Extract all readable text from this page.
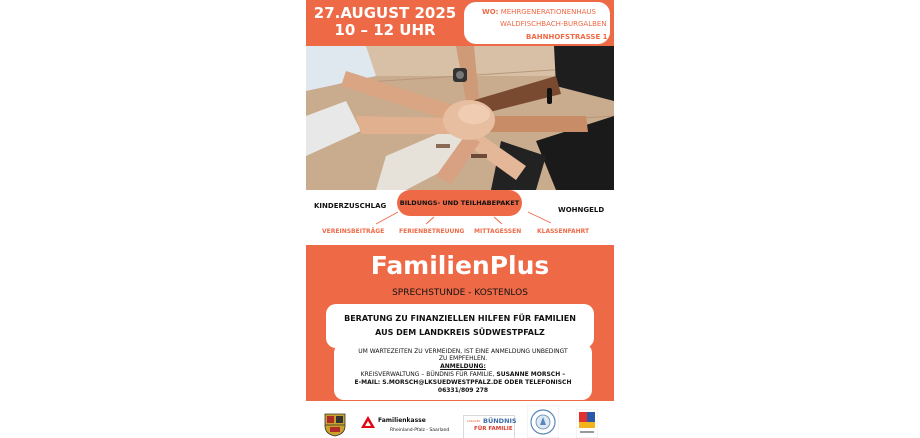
27.AUGUST 2025
10 – 12 UHR
WO: MEHRGENERATIONENHAUS
WALDFISCHBACH-BURGALBEN
BAHNHOFSTRASSE 1
KINDERZUSCHLAG	BILDUNGS- UND TEILHABEPAKET
WOHNGELD
VEREINSBEITRÄGE FERIENBETREUUNG MITTAGESSEN	KLASSENFAHRT
FamilienPlus
SPRECHSTUNDE - KOSTENLOS
BERATUNG ZU FINANZIELLEN HILFEN FÜR FAMILIEN
AUS DEM LANDKREIS SÜDWESTPFALZ
UM WARTEZEITEN ZU VERMEIDEN, IST EINE ANMELDUNG UNBEDINGT
ZU EMPFEHLEN.
ANMELDUNG:
KREISVERWALTUNG – BÜNDNIS FÜR FAMILIE, SUSANNE MORSCH –
E-MAIL: S.MORSCH@LKSUEDWESTPFALZ.DE ODER TELEFONISCH
06331/809 278
Familienkasse
Rheinland-Pfalz - Saarland
LOKALES BÜNDNIS
FÜR FAMILIE
